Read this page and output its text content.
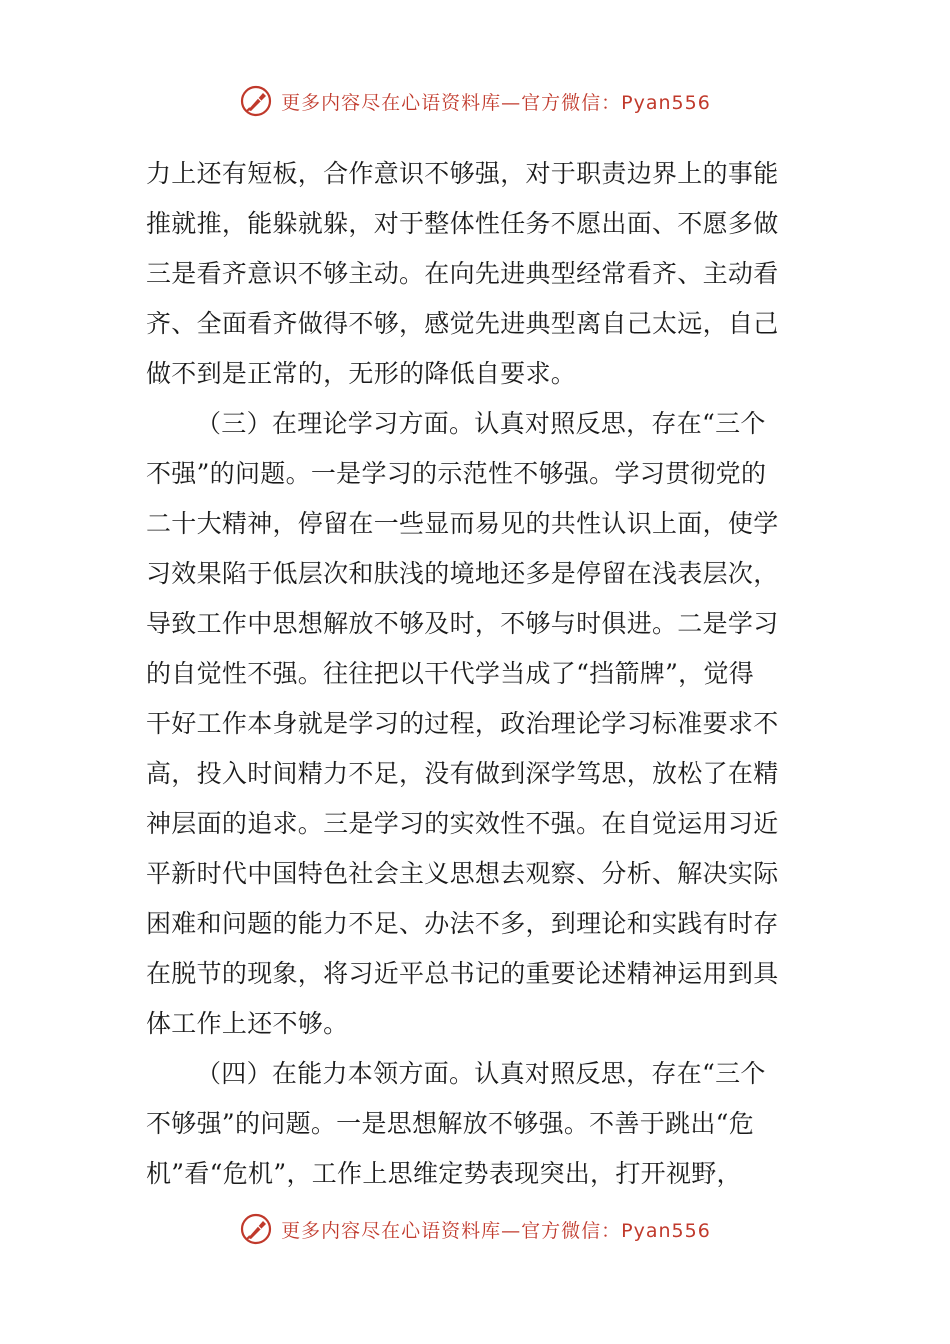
更多内容尽在心语资料库—官方微信：Pyan556
力上还有短板，合作意识不够强，对于职责边界上的事能
推就推，能躲就躲，对于整体性任务不愿出面、不愿多做
三是看齐意识不够主动。在向先进典型经常看齐、主动看
齐、全面看齐做得不够，感觉先进典型离自己太远，自己
做不到是正常的，无形的降低自要求。
（三）在理论学习方面。认真对照反思，存在“三个
不强”的问题。一是学习的示范性不够强。学习贯彻党的
二十大精神，停留在一些显而易见的共性认识上面，使学
习效果陷于低层次和肤浅的境地还多是停留在浅表层次，
导致工作中思想解放不够及时，不够与时俱进。二是学习
的自觉性不强。往往把以干代学当成了“挡箭牌”，觉得
干好工作本身就是学习的过程，政治理论学习标准要求不
高，投入时间精力不足，没有做到深学笃思，放松了在精
神层面的追求。三是学习的实效性不强。在自觉运用习近
平新时代中国特色社会主义思想去观察、分析、解决实际
困难和问题的能力不足、办法不多，到理论和实践有时存
在脱节的现象，将习近平总书记的重要论述精神运用到具
体工作上还不够。
（四）在能力本领方面。认真对照反思，存在“三个
不够强”的问题。一是思想解放不够强。不善于跳出“危
机”看“危机”，工作上思维定势表现突出，打开视野，
更多内容尽在心语资料库—官方微信：Pyan556
